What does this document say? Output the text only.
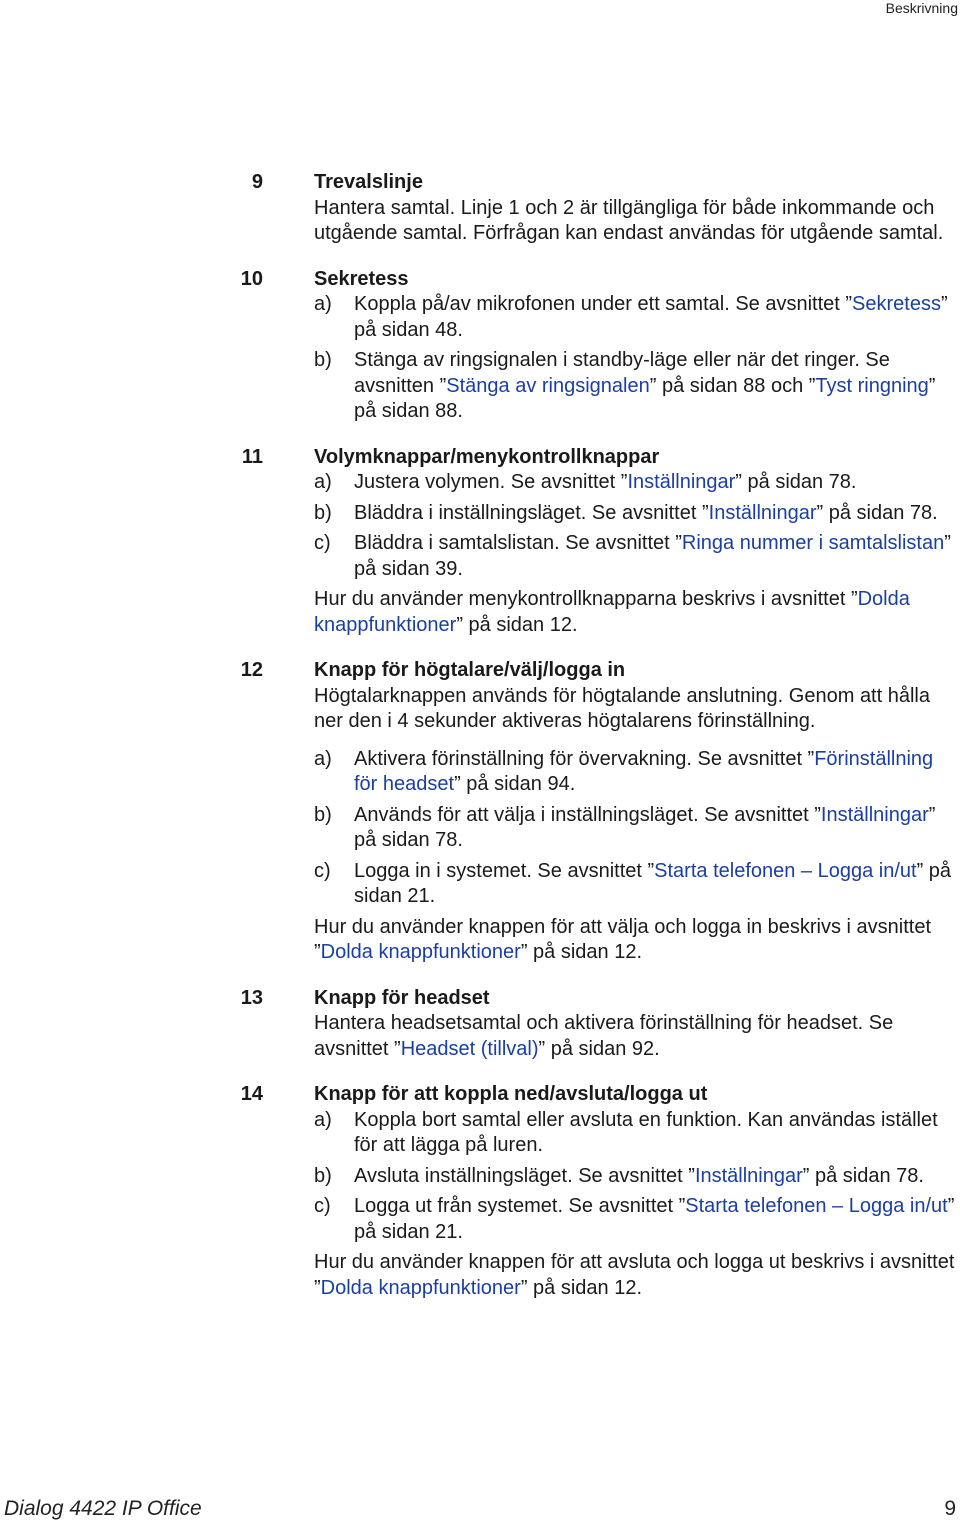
Beskrivning
9	Trevalslinje

Hantera samtal. Linje 1 och 2 är tillgängliga för både inkommande och utgående samtal. Förfrågan kan endast användas för utgående samtal.

10	Sekretess

a) Koppla på/av mikrofonen under ett samtal. Se avsnittet ”Sekretess” på sidan 48.

b) Stänga av ringsignalen i standby-läge eller när det ringer. Se avsnitten ”Stänga av ringsignalen” på sidan 88 och ”Tyst ringning” på sidan 88.

11	Volymknappar/menykontrollknappar

a) Justera volymen. Se avsnittet ”Inställningar” på sidan 78.

b) Bläddra i inställningsläget. Se avsnittet ”Inställningar” på sidan 78.

c) Bläddra i samtalslistan. Se avsnittet ”Ringa nummer i samtalslistan” på sidan 39.

Hur du använder menykontrollknapparna beskrivs i avsnittet ”Dolda knappfunktioner” på sidan 12.

12	Knapp för högtalare/välj/logga in

Högtalarknappen används för högtalande anslutning. Genom att hålla ner den i 4 sekunder aktiveras högtalarens förinställning.

a) Aktivera förinställning för övervakning. Se avsnittet ”Förinställning för headset” på sidan 94.

b) Används för att välja i inställningsläget. Se avsnittet ”Inställningar” på sidan 78.

c) Logga in i systemet. Se avsnittet ”Starta telefonen – Logga in/ut” på sidan 21.

Hur du använder knappen för att välja och logga in beskrivs i avsnittet ”Dolda knappfunktioner” på sidan 12.

13	Knapp för headset

Hantera headsetsamtal och aktivera förinställning för headset. Se avsnittet ”Headset (tillval)” på sidan 92.

14	Knapp för att koppla ned/avsluta/logga ut

a) Koppla bort samtal eller avsluta en funktion. Kan användas istället för att lägga på luren.

b) Avsluta inställningsläget. Se avsnittet ”Inställningar” på sidan 78.

c) Logga ut från systemet. Se avsnittet ”Starta telefonen – Logga in/ut” på sidan 21.

Hur du använder knappen för att avsluta och logga ut beskrivs i avsnittet ”Dolda knappfunktioner” på sidan 12.

Dialog 4422 IP Office	9
